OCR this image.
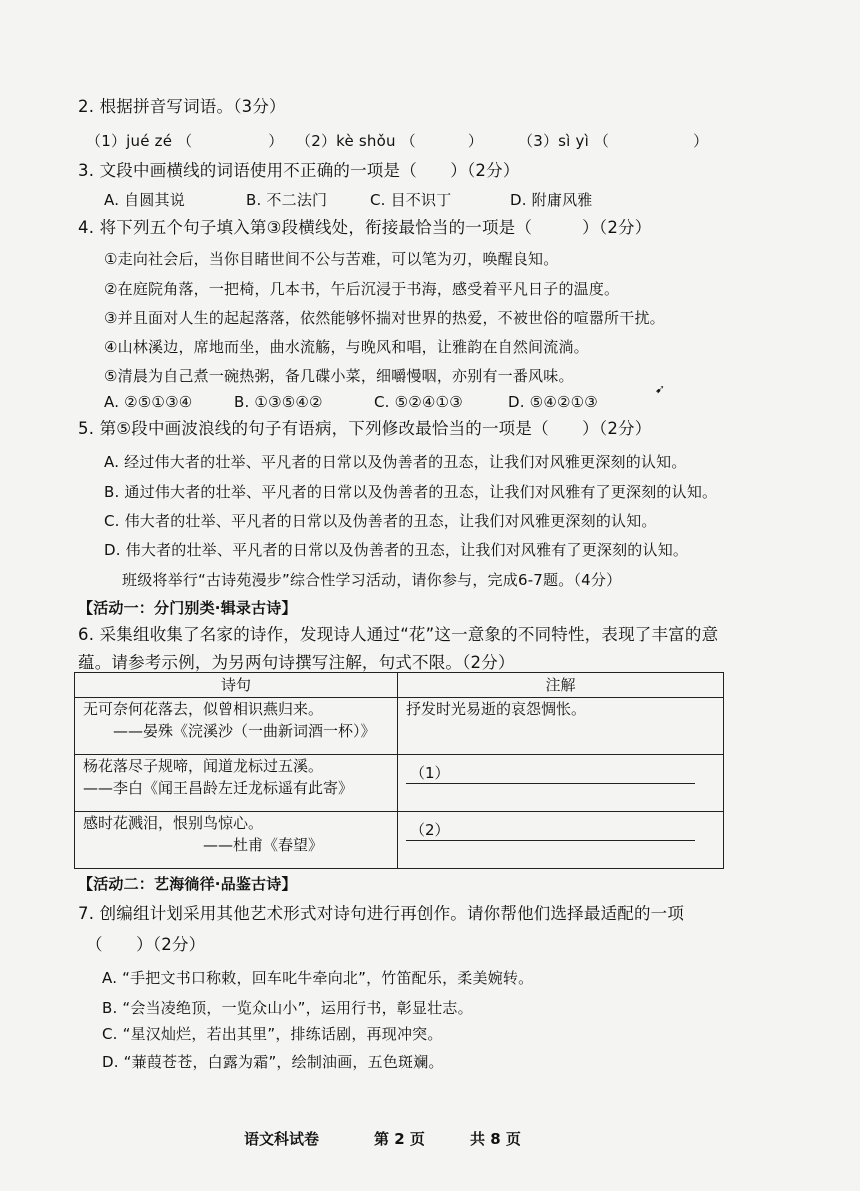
2. 根据拼音写词语。（3分）
（1）jué zé （	） （2）kè shǒu （	） （3）sì yì （	）
3. 文段中画横线的词语使用不正确的一项是（　　）（2分）
A. 自圆其说	B. 不二法门	C. 目不识丁	D. 附庸风雅
4. 将下列五个句子填入第③段横线处，衔接最恰当的一项是（　　　）（2分）
①走向社会后，当你目睹世间不公与苦难，可以笔为刃，唤醒良知。
②在庭院角落，一把椅，几本书，午后沉浸于书海，感受着平凡日子的温度。
③并且面对人生的起起落落，依然能够怀揣对世界的热爱，不被世俗的喧嚣所干扰。
④山林溪边，席地而坐，曲水流觞，与晚风和唱，让雅韵在自然间流淌。
⑤清晨为自己煮一碗热粥，备几碟小菜，细嚼慢咽，亦别有一番风味。
A. ②⑤①③④	B. ①③⑤④②	C. ⑤②④①③	D. ⑤④②①③
➹
5. 第⑤段中画波浪线的句子有语病，下列修改最恰当的一项是（　　）（2分）
A. 经过伟大者的壮举、平凡者的日常以及伪善者的丑态，让我们对风雅更深刻的认知。
B. 通过伟大者的壮举、平凡者的日常以及伪善者的丑态，让我们对风雅有了更深刻的认知。
C. 伟大者的壮举、平凡者的日常以及伪善者的丑态，让我们对风雅更深刻的认知。
D. 伟大者的壮举、平凡者的日常以及伪善者的丑态，让我们对风雅有了更深刻的认知。
班级将举行“古诗苑漫步”综合性学习活动，请你参与，完成6-7题。（4分）
【活动一：分门别类·辑录古诗】
6. 采集组收集了名家的诗作，发现诗人通过“花”这一意象的不同特性，表现了丰富的意
蕴。请参考示例，为另两句诗撰写注解，句式不限。（2分）
诗句	注解
无可奈何花落去，似曾相识燕归来。
——晏殊《浣溪沙（一曲新词酒一杯）》	抒发时光易逝的哀怨惆怅。
杨花落尽子规啼，闻道龙标过五溪。
——李白《闻王昌龄左迁龙标遥有此寄》	（1）

感时花溅泪，恨别鸟惊心。
——杜甫《春望》	（2）
【活动二：艺海徜徉·品鉴古诗】
7. 创编组计划采用其他艺术形式对诗句进行再创作。请你帮他们选择最适配的一项
（　　）（2分）
A. “手把文书口称敕，回车叱牛牵向北”，竹笛配乐，柔美婉转。
B. “会当凌绝顶，一览众山小”，运用行书，彰显壮志。
C. “星汉灿烂，若出其里”，排练话剧，再现冲突。
D. “蒹葭苍苍，白露为霜”，绘制油画，五色斑斓。
语文科试卷	第 2 页	共 8 页
